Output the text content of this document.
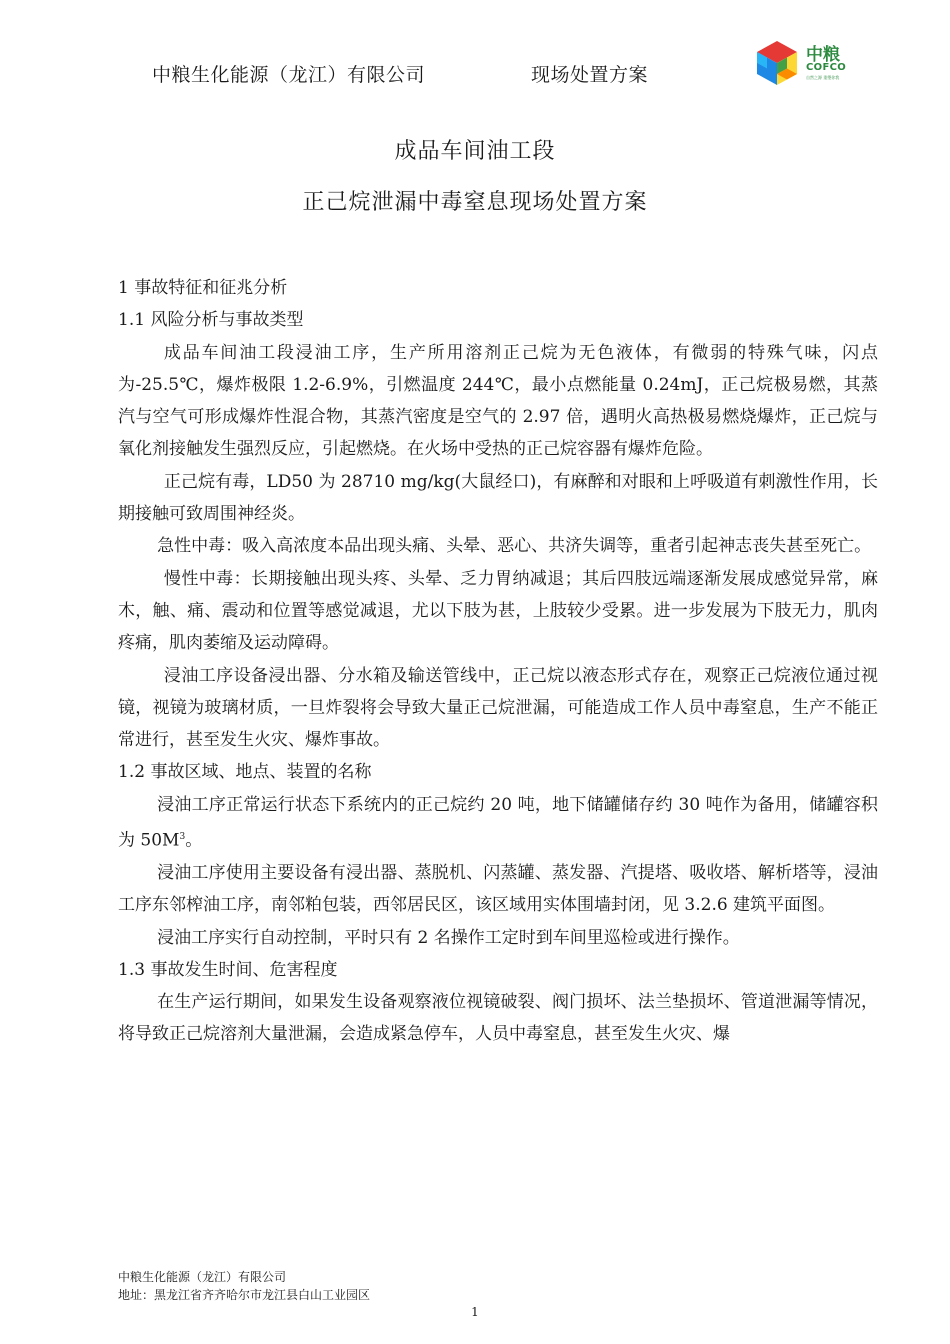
中粮生化能源（龙江）有限公司	现场处置方案
中粮
COFCO
自然之源 重塑你我
成品车间油工段
正己烷泄漏中毒窒息现场处置方案

1 事故特征和征兆分析

1.1 风险分析与事故类型

成品车间油工段浸油工序，生产所用溶剂正己烷为无色液体，有微弱的特殊气味，闪点为-25.5℃，爆炸极限 1.2-6.9%，引燃温度 244℃，最小点燃能量 0.24mJ，正己烷极易燃，其蒸汽与空气可形成爆炸性混合物，其蒸汽密度是空气的 2.97 倍，遇明火高热极易燃烧爆炸，正己烷与氧化剂接触发生强烈反应，引起燃烧。在火场中受热的正己烷容器有爆炸危险。

正己烷有毒，LD50 为 28710 mg/kg(大鼠经口)，有麻醉和对眼和上呼吸道有刺激性作用，长期接触可致周围神经炎。

急性中毒：吸入高浓度本品出现头痛、头晕、恶心、共济失调等，重者引起神志丧失甚至死亡。

慢性中毒：长期接触出现头疼、头晕、乏力胃纳减退；其后四肢远端逐渐发展成感觉异常，麻木，触、痛、震动和位置等感觉减退，尤以下肢为甚，上肢较少受累。进一步发展为下肢无力，肌肉疼痛，肌肉萎缩及运动障碍。

浸油工序设备浸出器、分水箱及输送管线中，正己烷以液态形式存在，观察正己烷液位通过视镜，视镜为玻璃材质，一旦炸裂将会导致大量正己烷泄漏，可能造成工作人员中毒窒息，生产不能正常进行，甚至发生火灾、爆炸事故。

1.2 事故区域、地点、装置的名称

浸油工序正常运行状态下系统内的正己烷约 20 吨，地下储罐储存约 30 吨作为备用，储罐容积为 $50M^3$。

浸油工序使用主要设备有浸出器、蒸脱机、闪蒸罐、蒸发器、汽提塔、吸收塔、解析塔等，浸油工序东邻榨油工序，南邻粕包装，西邻居民区，该区域用实体围墙封闭，见 3.2.6 建筑平面图。

浸油工序实行自动控制，平时只有 2 名操作工定时到车间里巡检或进行操作。

1.3 事故发生时间、危害程度

在生产运行期间，如果发生设备观察液位视镜破裂、阀门损坏、法兰垫损坏、管道泄漏等情况，将导致正己烷溶剂大量泄漏，会造成紧急停车，人员中毒窒息，甚至发生火灾、爆

中粮生化能源（龙江）有限公司
地址：黑龙江省齐齐哈尔市龙江县白山工业园区
1
